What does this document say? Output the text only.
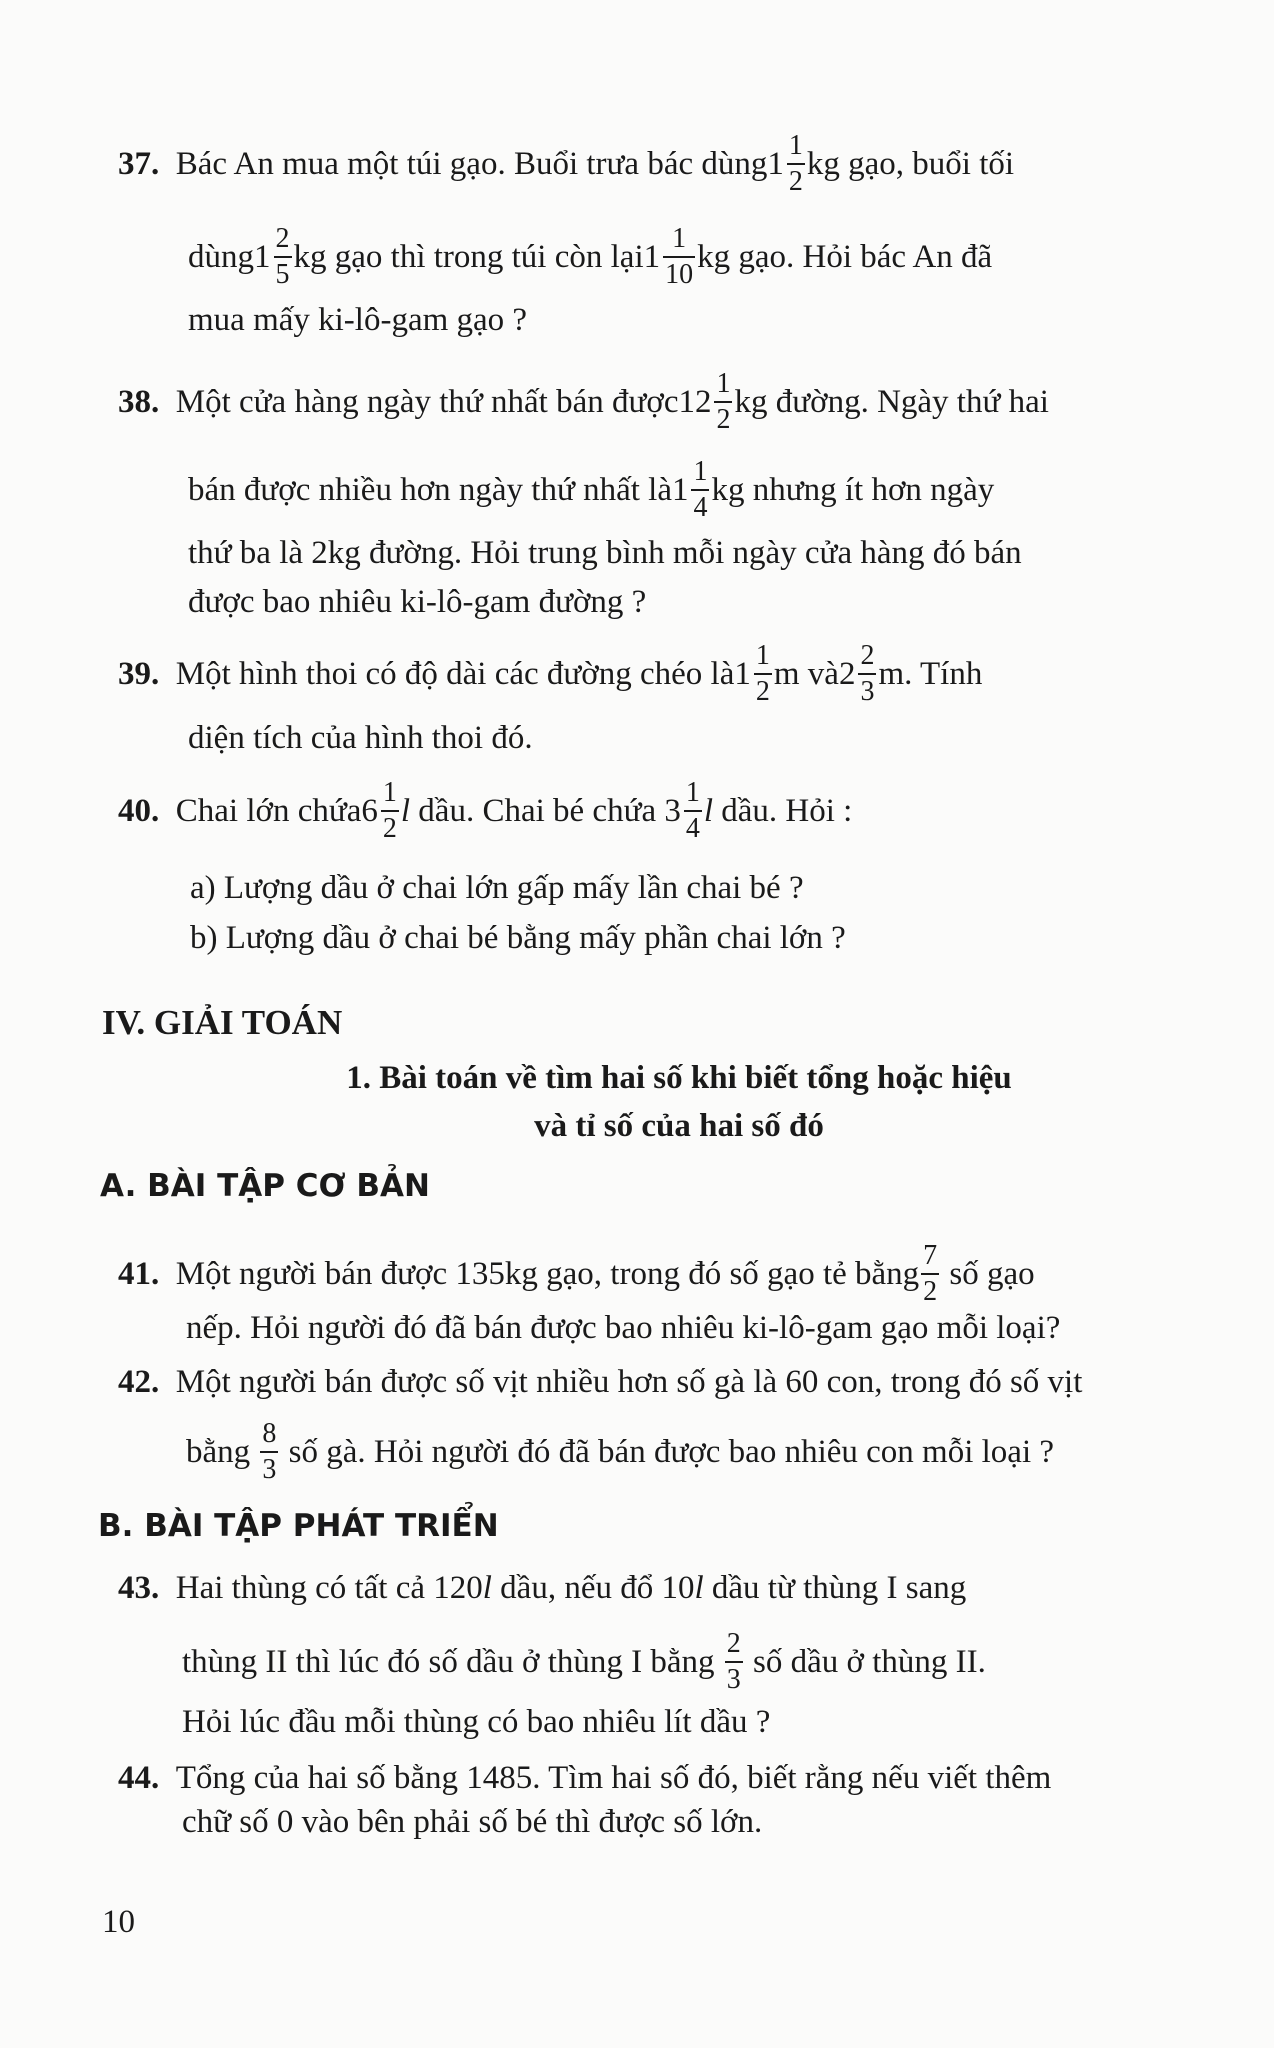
37.
Bác An mua một túi gạo. Buổi trưa bác dùng $1 \frac{1}{2}$ kg gạo, buổi tối
dùng $1 \frac{2}{5}$ kg gạo thì trong túi còn lại $1 \frac{1}{10}$ kg gạo. Hỏi bác An đã
mua mấy ki-lô-gam gạo ?
38.
Một cửa hàng ngày thứ nhất bán được $12 \frac{1}{2}$ kg đường. Ngày thứ hai
bán được nhiều hơn ngày thứ nhất là $1 \frac{1}{4}$ kg nhưng ít hơn ngày
thứ ba là 2kg đường. Hỏi trung bình mỗi ngày cửa hàng đó bán
được bao nhiêu ki-lô-gam đường ?
39.
Một hình thoi có độ dài các đường chéo là $1 \frac{1}{2}$ m và $2 \frac{2}{3} m$. Tính
diện tích của hình thoi đó.
40.
Chai lớn chứa $6 \frac{1}{2}$ l dầu. Chai bé chứa $3 \frac{1}{4}$ l dầu. Hỏi :
a) Lượng dầu ở chai lớn gấp mấy lần chai bé ?
b) Lượng dầu ở chai bé bằng mấy phần chai lớn ?
IV. GIẢI TOÁN
1. Bài toán về tìm hai số khi biết tổng hoặc hiệu
và tỉ số của hai số đó
A. BÀI TẬP CƠ BẢN
41.
Một người bán được 135kg gạo, trong đó số gạo tẻ bằng $\frac{7}{2}$ số gạo
nếp. Hỏi người đó đã bán được bao nhiêu ki-lô-gam gạo mỗi loại?
42.
Một người bán được số vịt nhiều hơn số gà là 60 con, trong đó số vịt
bằng $\frac{8}{3}$ số gà. Hỏi người đó đã bán được bao nhiêu con mỗi loại ?
B. BÀI TẬP PHÁT TRIỂN
43.
Hai thùng có tất cả 120 l dầu, nếu đổ 10 l dầu từ thùng I sang
thùng II thì lúc đó số dầu ở thùng I bằng $\frac{2}{3}$ số dầu ở thùng II.
Hỏi lúc đầu mỗi thùng có bao nhiêu lít dầu ?
44.
Tổng của hai số bằng 1485. Tìm hai số đó, biết rằng nếu viết thêm
chữ số 0 vào bên phải số bé thì được số lớn.
10
